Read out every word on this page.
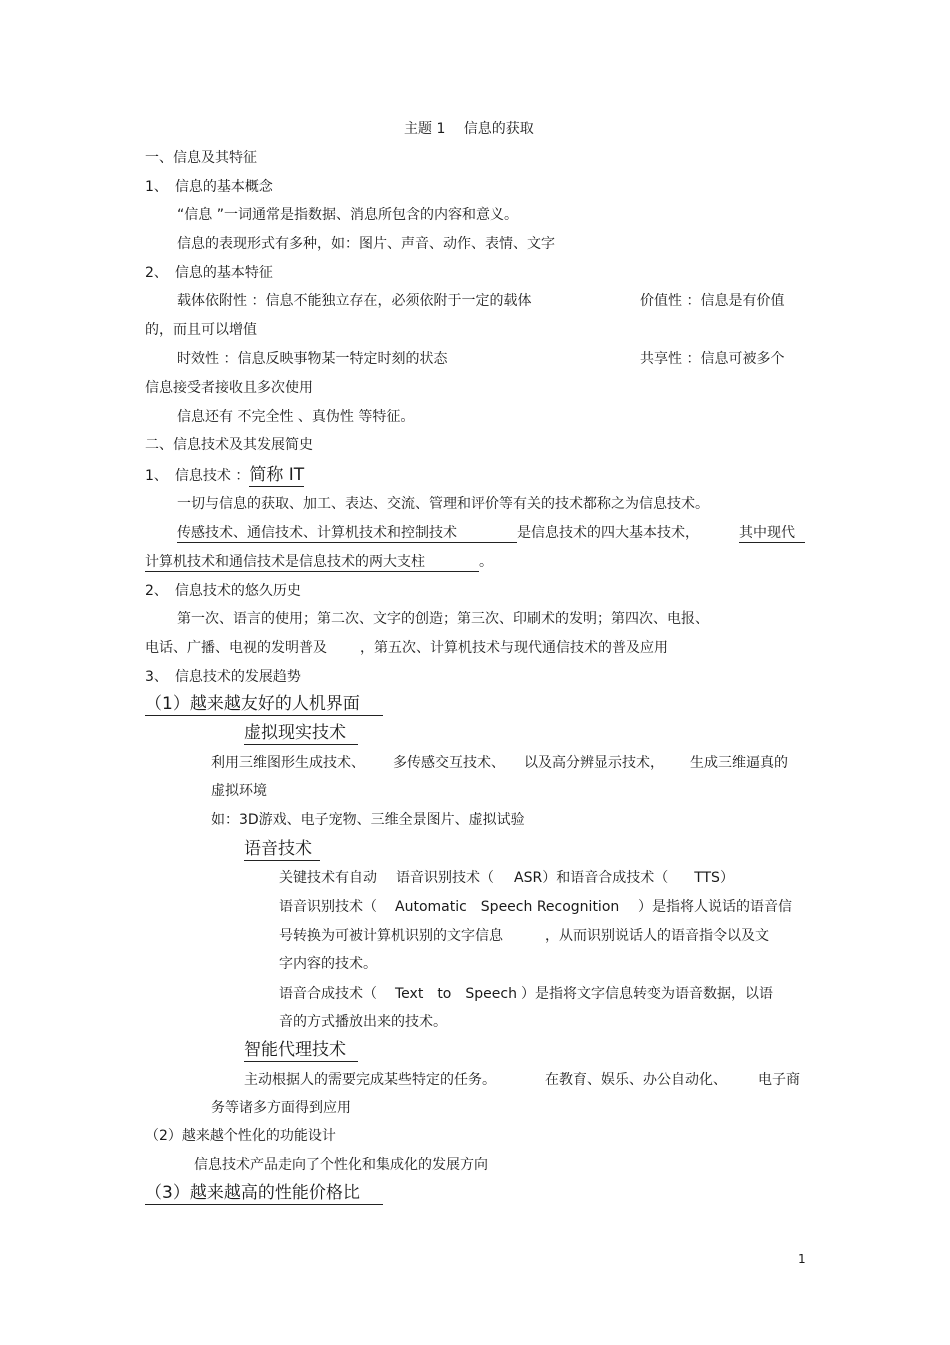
主题 1　 信息的获取
一、信息及其特征
1、　信息的基本概念
“信息 ”一词通常是指数据、消息所包含的内容和意义。
信息的表现形式有多种，如：图片、声音、动作、表情、文字
2、　信息的基本特征
载体依附性 ：信息不能独立存在，必须依附于一定的载体	价值性 ：信息是有价值
的，而且可以增值
时效性 ：信息反映事物某一特定时刻的状态	共享性 ：信息可被多个
信息接受者接收且多次使用
信息还有 不完全性 、真伪性 等特征。
二、信息技术及其发展简史
1、　信息技术 ：简称 IT
一切与信息的获取、加工、表达、交流、管理和评价等有关的技术都称之为信息技术。
传感技术、通信技术、计算机技术和控制技术	是信息技术的四大基本技术，	其中现代
计算机技术和通信技术是信息技术的两大支柱	。
2、　信息技术的悠久历史
第一次、语言的使用；第二次、文字的创造；第三次、印刷术的发明；第四次、电报、
电话、广播、电视的发明普及 ，第五次、计算机技术与现代通信技术的普及应用
3、　信息技术的发展趋势
（1）越来越友好的人机界面
虚拟现实技术
利用三维图形生成技术、 多传感交互技术、 以及高分辨显示技术， 生成三维逼真的
虚拟环境
如：3D游戏、电子宠物、三维全景图片、虚拟试验
语音技术
关键技术有自动 语音识别技术（ ASR）和语音合成技术（ TTS）
语音识别技术（ Automatic　Speech Recognition ）是指将人说话的语音信
号转换为可被计算机识别的文字信息	，从而识别说话人的语音指令以及文
字内容的技术。
语音合成技术（ Text　to　Speech ）是指将文字信息转变为语音数据，以语
音的方式播放出来的技术。
智能代理技术
主动根据人的需要完成某些特定的任务。	在教育、娱乐、办公自动化、 电子商
务等诸多方面得到应用
（2）越来越个性化的功能设计
信息技术产品走向了个性化和集成化的发展方向
（3）越来越高的性能价格比
1
